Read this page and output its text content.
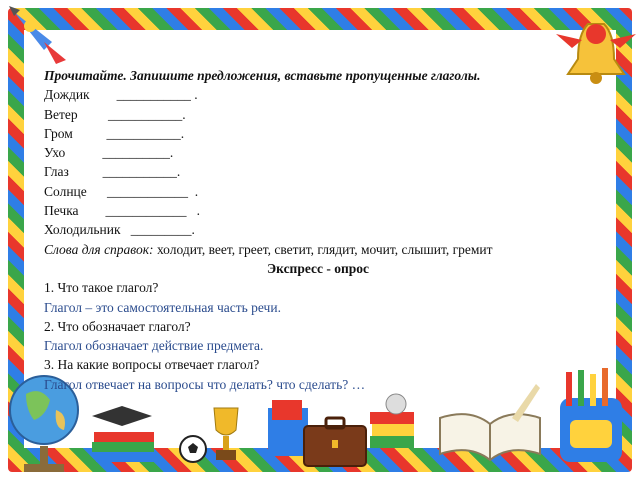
Прочитайте. Запишите предложения, вставьте пропущенные глаголы.
Дождик        ___________ .
Ветер         ___________.
Гром          ___________.
Ухо           __________.
Глаз          ___________.
Солнце      ____________  .
Печка        ____________   .
Холодильник   _________.
Слова для справок: холодит, веет, греет, светит, глядит, мочит, слышит, гремит
Экспресс - опрос
1. Что такое глагол?
Глагол – это самостоятельная часть речи.
2. Что обозначает глагол?
Глагол обозначает действие предмета.
3. На какие вопросы отвечает глагол?
Глагол отвечает на вопросы что делать? что сделать? …
